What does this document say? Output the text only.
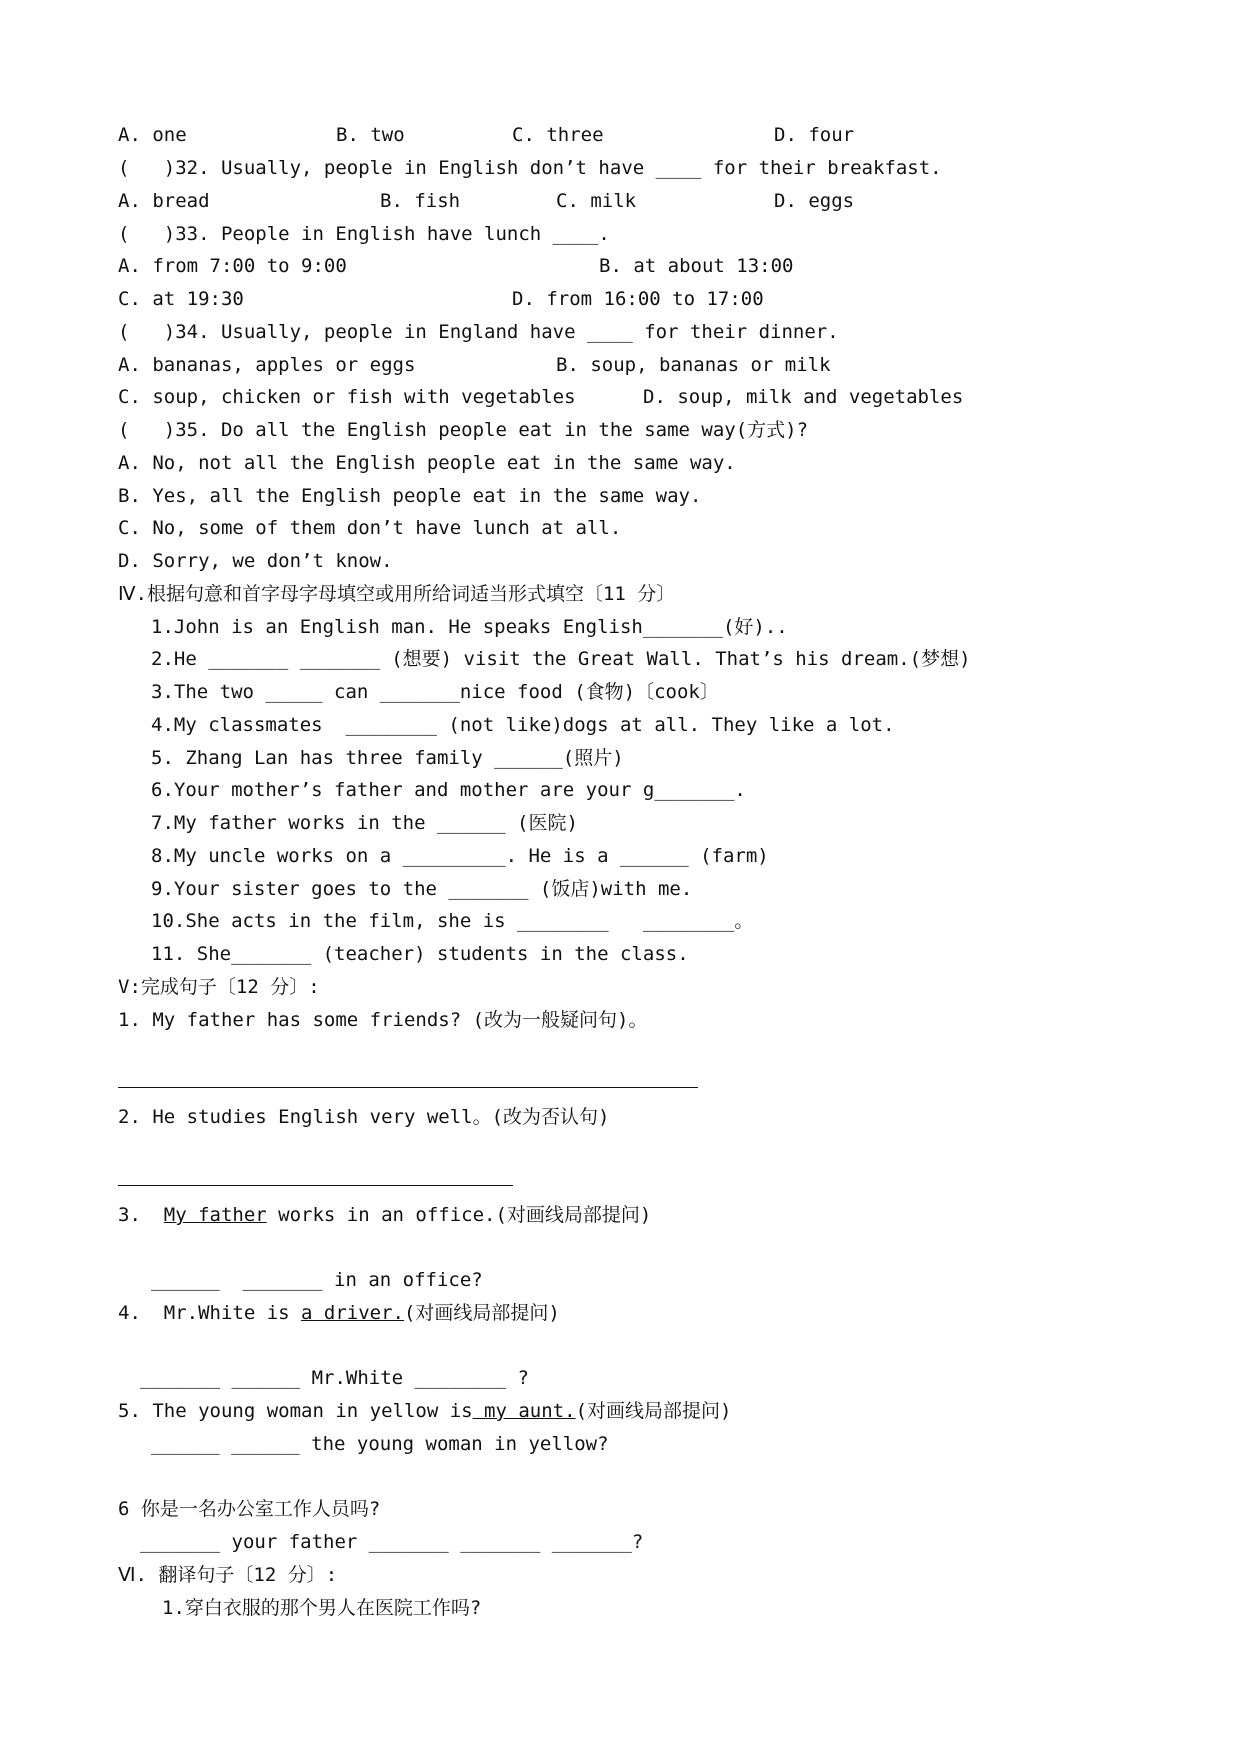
A. one	B. two	C. three	D. four
(   )32. Usually, people in English don’t have ____ for their breakfast.
A. bread	B. fish	C. milk	D. eggs
(   )33. People in English have lunch ____.
A. from 7:00 to 9:00	B. at about 13:00
C. at 19:30	D. from 16:00 to 17:00
(   )34. Usually, people in England have ____ for their dinner.
A. bananas, apples or eggs	B. soup, bananas or milk
C. soup, chicken or fish with vegetables	D. soup, milk and vegetables
(   )35. Do all the English people eat in the same way(方式)?
A. No, not all the English people eat in the same way.
B. Yes, all the English people eat in the same way.
C. No, some of them don’t have lunch at all.
D. Sorry, we don’t know.
Ⅳ.根据句意和首字母字母填空或用所给词适当形式填空〔11 分〕
1.John is an English man. He speaks English_______(好)..
2.He _______ _______ (想要) visit the Great Wall. That’s his dream.(梦想)
3.The two _____ can _______nice food (食物)〔cook〕
4.My classmates  ________ (not like)dogs at all. They like a lot.
5. Zhang Lan has three family ______(照片)
6.Your mother’s father and mother are your g_______.
7.My father works in the ______ (医院)
8.My uncle works on a _________. He is a ______ (farm)
9.Your sister goes to the _______ (饭店)with me.
10.She acts in the film, she is ________   ________。
11. She_______ (teacher) students in the class.
V:完成句子〔12 分〕:
1. My father has some friends? (改为一般疑问句)。
2. He studies English very well。(改为否认句)
3.  My father works in an office.(对画线局部提问)
______  _______ in an office?
4.  Mr.White is a driver.(对画线局部提问)
_______ ______ Mr.White ________ ?
5. The young woman in yellow is my aunt.(对画线局部提问)
______ ______ the young woman in yellow?
6 你是一名办公室工作人员吗?
_______ your father _______ _______ _______?
Ⅵ. 翻译句子〔12 分〕:
1.穿白衣服的那个男人在医院工作吗?
